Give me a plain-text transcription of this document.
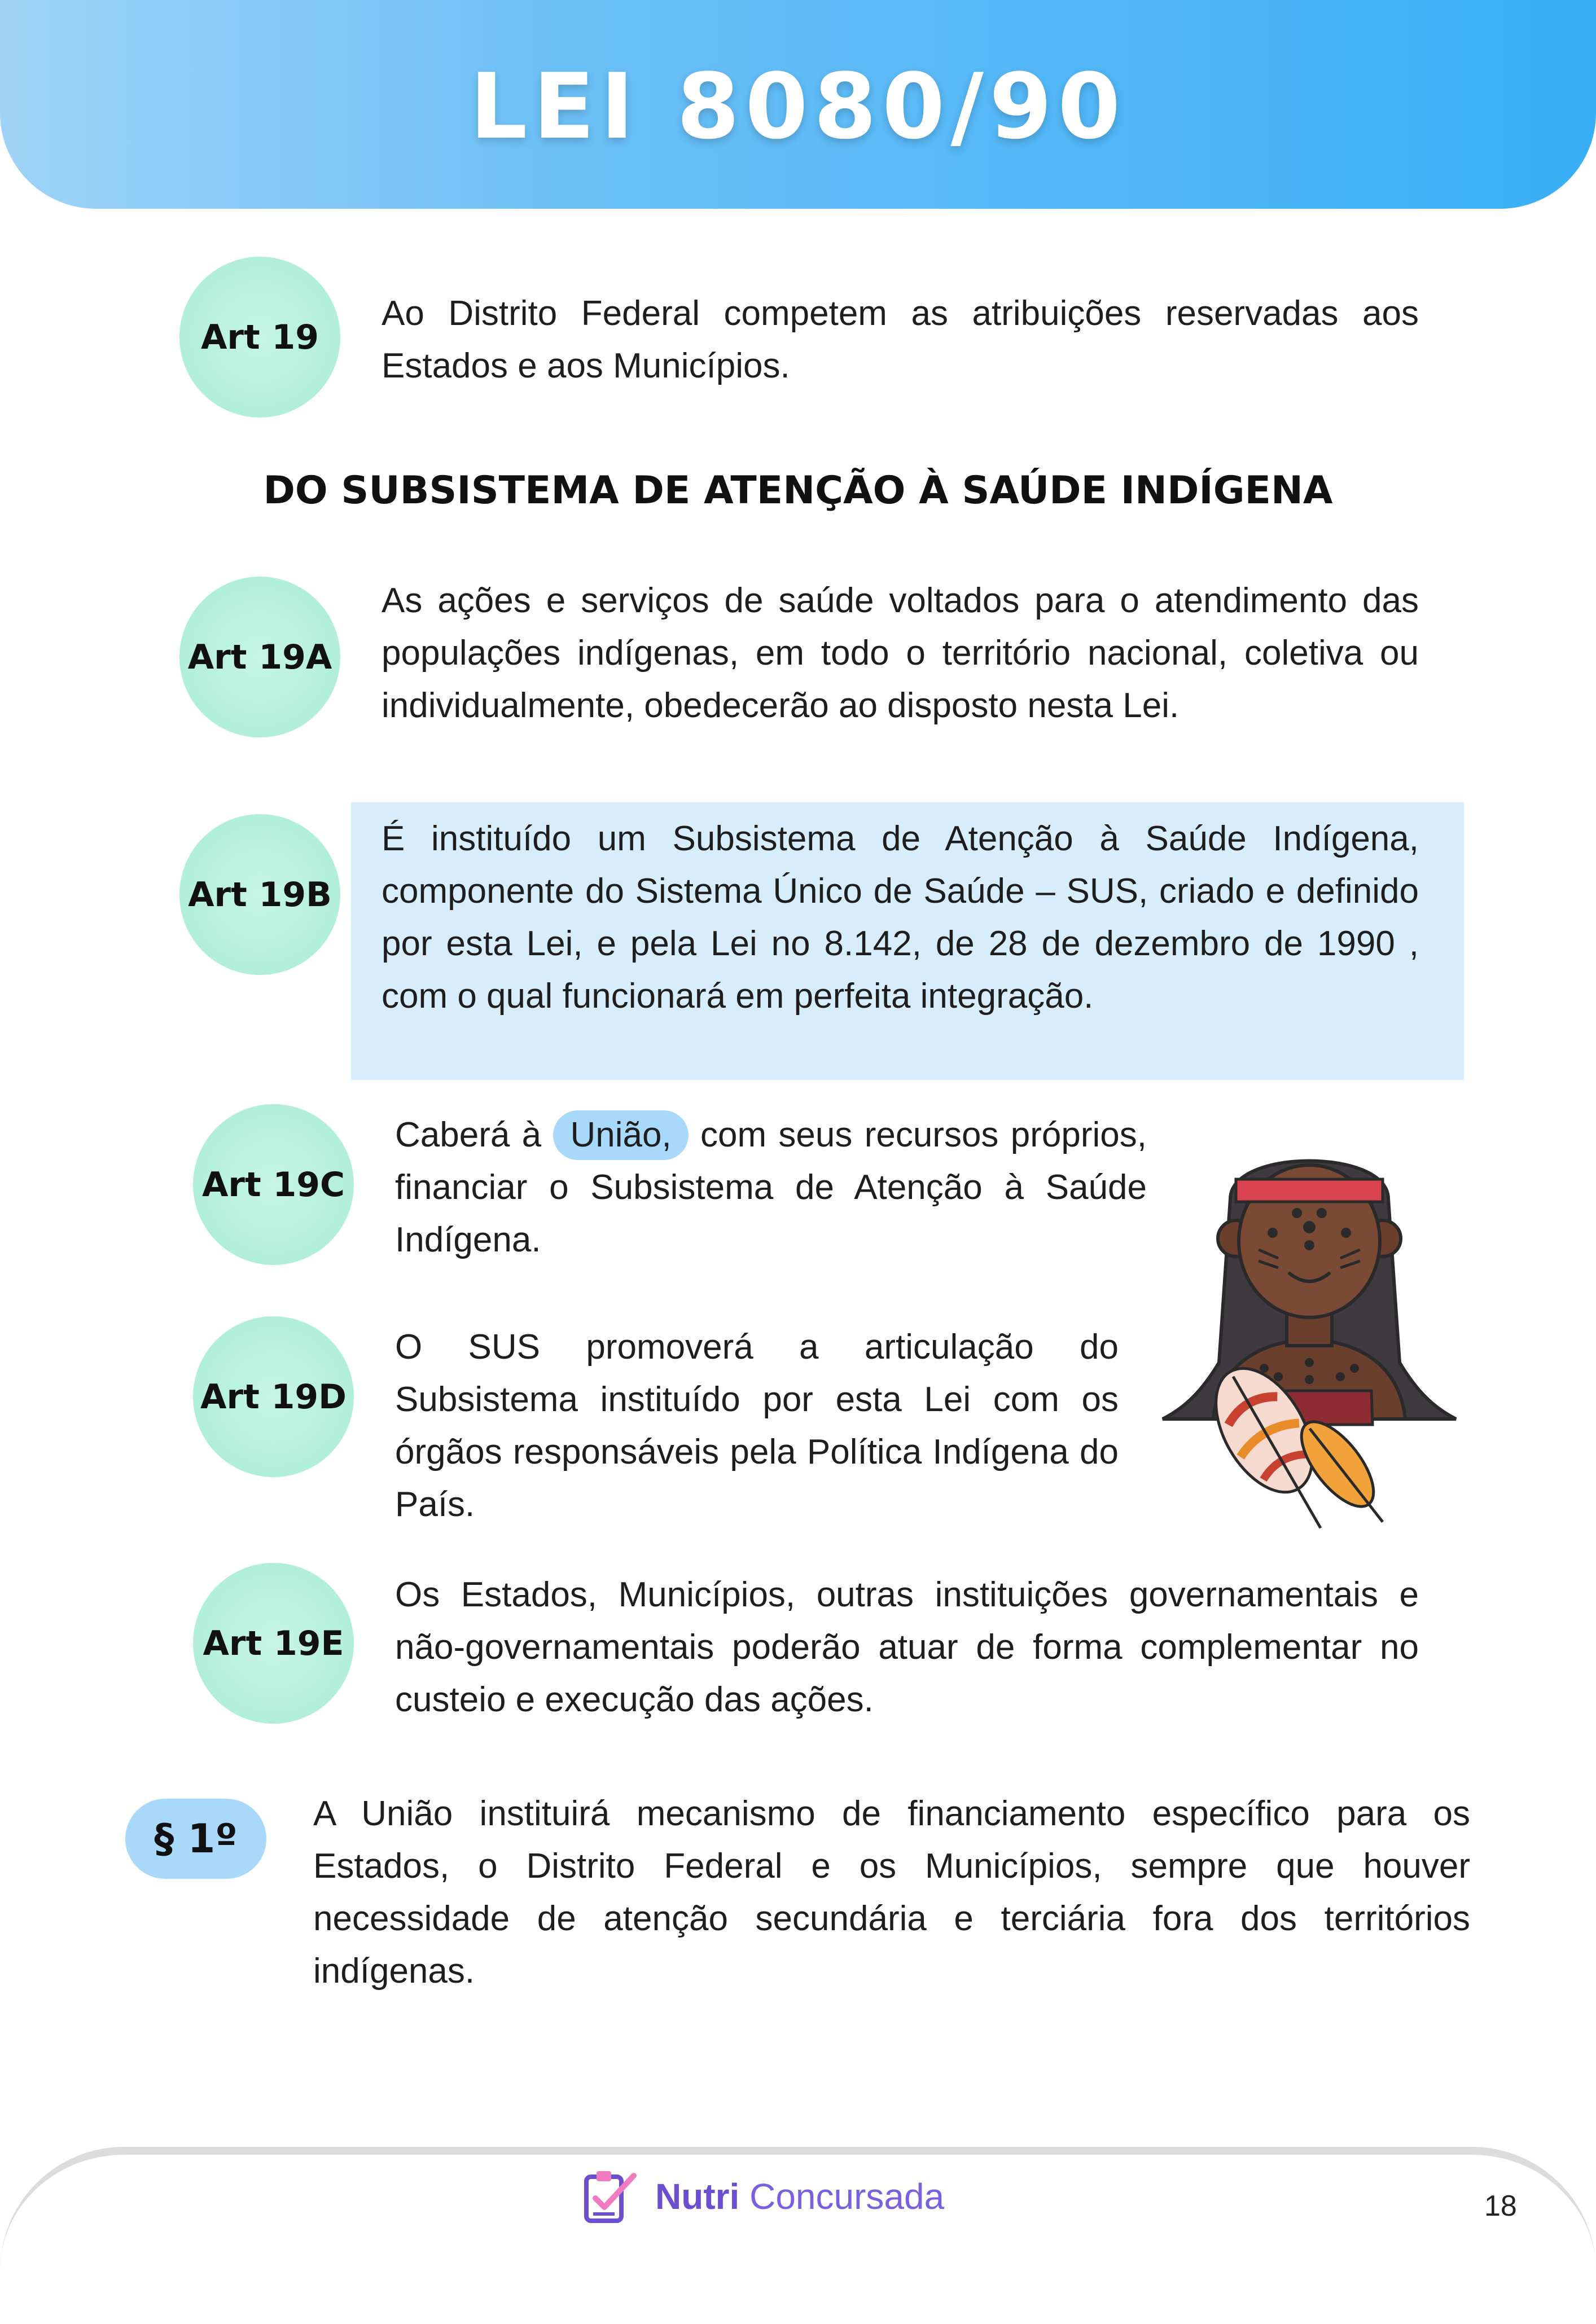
LEI 8080/90
Art 19
Ao Distrito Federal competem as atribuições reservadas aos Estados e aos Municípios.
DO SUBSISTEMA DE ATENÇÃO À SAÚDE INDÍGENA
Art 19A
As ações e serviços de saúde voltados para o atendimento das populações indígenas, em todo o território nacional, coletiva ou individualmente, obedecerão ao disposto nesta Lei.
Art 19B
É instituído um Subsistema de Atenção à Saúde Indígena, componente do Sistema Único de Saúde – SUS, criado e definido por esta Lei, e pela Lei no 8.142, de 28 de dezembro de 1990 , com o qual funcionará em perfeita integração.
Art 19C
Caberá à União, com seus recursos próprios, financiar o Subsistema de Atenção à Saúde Indígena.
Art 19D
O SUS promoverá a articulação do Subsistema instituído por esta Lei com os órgãos responsáveis pela Política Indígena do País.
Art 19E
Os Estados, Municípios, outras instituições governamentais e não-governamentais poderão atuar de forma complementar no custeio e execução das ações.
§ 1º
A União instituirá mecanismo de financiamento específico para os Estados, o Distrito Federal e os Municípios, sempre que houver necessidade de atenção secundária e terciária fora dos territórios indígenas.
Nutri Concursada	18
